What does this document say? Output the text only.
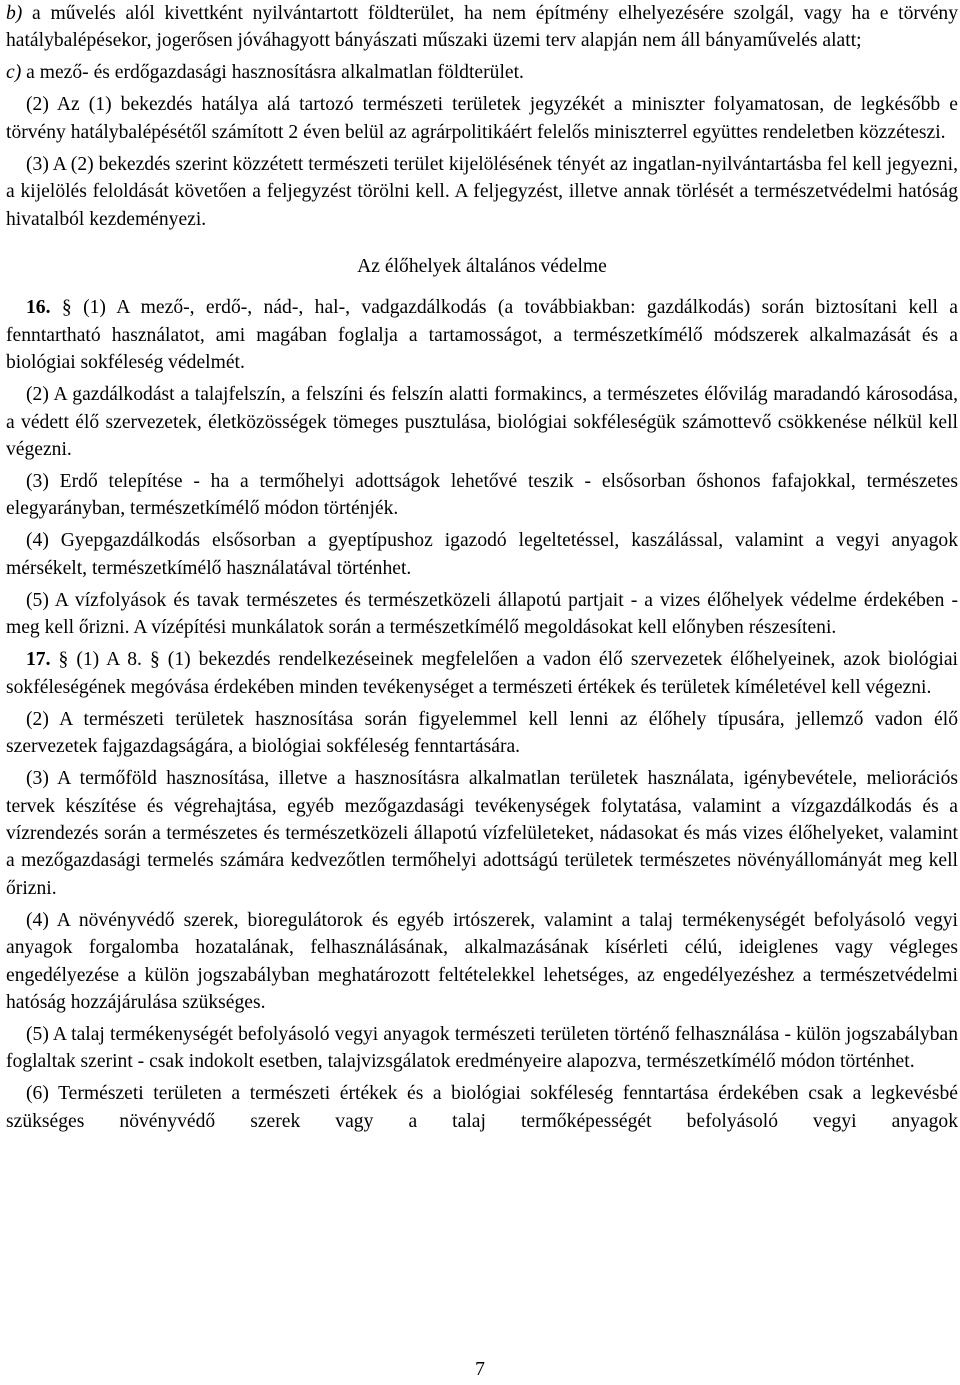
b) a művelés alól kivettként nyilvántartott földterület, ha nem építmény elhelyezésére szolgál, vagy ha e törvény hatálybalépésekor, jogerősen jóváhagyott bányászati műszaki üzemi terv alapján nem áll bányaművelés alatt;

c) a mező- és erdőgazdasági hasznosításra alkalmatlan földterület.

(2) Az (1) bekezdés hatálya alá tartozó természeti területek jegyzékét a miniszter folyamatosan, de legkésőbb e törvény hatálybalépésétől számított 2 éven belül az agrárpolitikáért felelős miniszterrel együttes rendeletben közzéteszi.

(3) A (2) bekezdés szerint közzétett természeti terület kijelölésének tényét az ingatlan-nyilvántartásba fel kell jegyezni, a kijelölés feloldását követően a feljegyzést törölni kell. A feljegyzést, illetve annak törlését a természetvédelmi hatóság hivatalból kezdeményezi.

Az élőhelyek általános védelme

16. § (1) A mező-, erdő-, nád-, hal-, vadgazdálkodás (a továbbiakban: gazdálkodás) során biztosítani kell a fenntartható használatot, ami magában foglalja a tartamosságot, a természetkímélő módszerek alkalmazását és a biológiai sokféleség védelmét.

(2) A gazdálkodást a talajfelszín, a felszíni és felszín alatti formakincs, a természetes élővilág maradandó károsodása, a védett élő szervezetek, életközösségek tömeges pusztulása, biológiai sokféleségük számottevő csökkenése nélkül kell végezni.

(3) Erdő telepítése - ha a termőhelyi adottságok lehetővé teszik - elsősorban őshonos fafajokkal, természetes elegyarányban, természetkímélő módon történjék.

(4) Gyepgazdálkodás elsősorban a gyeptípushoz igazodó legeltetéssel, kaszálással, valamint a vegyi anyagok mérsékelt, természetkímélő használatával történhet.

(5) A vízfolyások és tavak természetes és természetközeli állapotú partjait - a vizes élőhelyek védelme érdekében - meg kell őrizni. A vízépítési munkálatok során a természetkímélő megoldásokat kell előnyben részesíteni.

17. § (1) A 8. § (1) bekezdés rendelkezéseinek megfelelően a vadon élő szervezetek élőhelyeinek, azok biológiai sokféleségének megóvása érdekében minden tevékenységet a természeti értékek és területek kíméletével kell végezni.

(2) A természeti területek hasznosítása során figyelemmel kell lenni az élőhely típusára, jellemző vadon élő szervezetek fajgazdagságára, a biológiai sokféleség fenntartására.

(3) A termőföld hasznosítása, illetve a hasznosításra alkalmatlan területek használata, igénybevétele, meliorációs tervek készítése és végrehajtása, egyéb mezőgazdasági tevékenységek folytatása, valamint a vízgazdálkodás és a vízrendezés során a természetes és természetközeli állapotú vízfelületeket, nádasokat és más vizes élőhelyeket, valamint a mezőgazdasági termelés számára kedvezőtlen termőhelyi adottságú területek természetes növényállományát meg kell őrizni.

(4) A növényvédő szerek, bioregulátorok és egyéb irtószerek, valamint a talaj termékenységét befolyásoló vegyi anyagok forgalomba hozatalának, felhasználásának, alkalmazásának kísérleti célú, ideiglenes vagy végleges engedélyezése a külön jogszabályban meghatározott feltételekkel lehetséges, az engedélyezéshez a természetvédelmi hatóság hozzájárulása szükséges.

(5) A talaj termékenységét befolyásoló vegyi anyagok természeti területen történő felhasználása - külön jogszabályban foglaltak szerint - csak indokolt esetben, talajvizsgálatok eredményeire alapozva, természetkímélő módon történhet.

(6) Természeti területen a természeti értékek és a biológiai sokféleség fenntartása érdekében csak a legkevésbé szükséges növényvédő szerek vagy a talaj termőképességét befolyásoló vegyi anyagok

7
